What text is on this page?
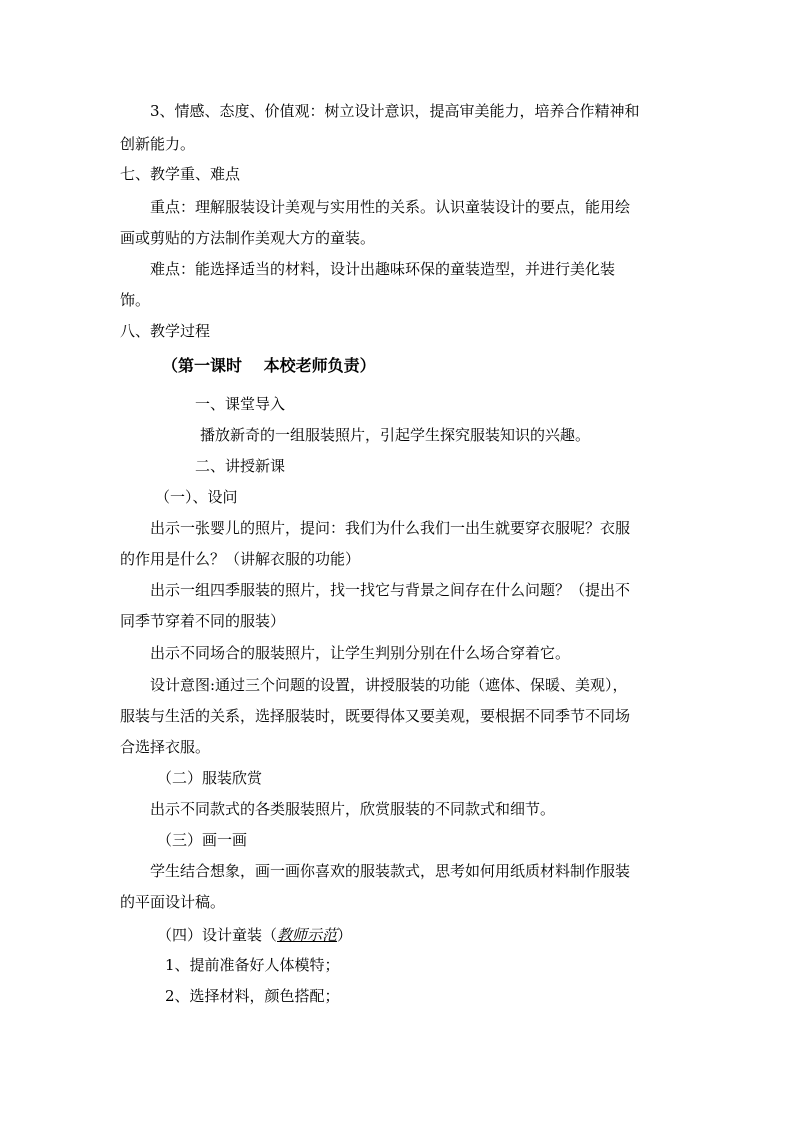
3、情感、态度、价值观：树立设计意识，提高审美能力，培养合作精神和
创新能力。
七、教学重、难点
重点：理解服装设计美观与实用性的关系。认识童装设计的要点，能用绘
画或剪贴的方法制作美观大方的童装。
难点：能选择适当的材料，设计出趣味环保的童装造型，并进行美化装
饰。
八、教学过程
（第一课时　 本校老师负责）
一、课堂导入
播放新奇的一组服装照片，引起学生探究服装知识的兴趣。
二、讲授新课
（一）、设问
出示一张婴儿的照片，提问：我们为什么我们一出生就要穿衣服呢？衣服
的作用是什么？（讲解衣服的功能）
出示一组四季服装的照片，找一找它与背景之间存在什么问题？（提出不
同季节穿着不同的服装）
出示不同场合的服装照片，让学生判别分别在什么场合穿着它。
设计意图:通过三个问题的设置，讲授服装的功能（遮体、保暖、美观），
服装与生活的关系，选择服装时，既要得体又要美观，要根据不同季节不同场
合选择衣服。
（二）服装欣赏
出示不同款式的各类服装照片，欣赏服装的不同款式和细节。
（三）画一画
学生结合想象，画一画你喜欢的服装款式，思考如何用纸质材料制作服装
的平面设计稿。
（四）设计童装（教师示范）
1、提前准备好人体模特；
2、选择材料，颜色搭配；
